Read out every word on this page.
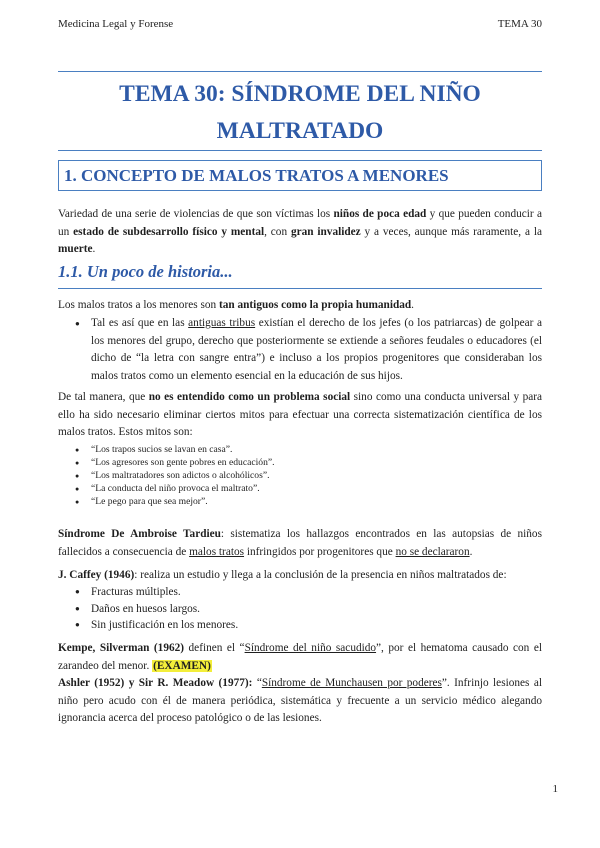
Medicina Legal y Forense	TEMA 30
TEMA 30: SÍNDROME DEL NIÑO
MALTRATADO
1. CONCEPTO DE MALOS TRATOS A MENORES

Variedad de una serie de violencias de que son víctimas los niños de poca edad y que pueden conducir a un estado de subdesarrollo físico y mental, con gran invalidez y a veces, aunque más raramente, a la muerte.

1.1. Un poco de historia...

Los malos tratos a los menores son tan antiguos como la propia humanidad.

● Tal es así que en las antiguas tribus existían el derecho de los jefes (o los patriarcas) de golpear a los menores del grupo, derecho que posteriormente se extiende a señores feudales o educadores (el dicho de “la letra con sangre entra”) e incluso a los propios progenitores que consideraban los malos tratos como un elemento esencial en la educación de sus hijos.

De tal manera, que no es entendido como un problema social sino como una conducta universal y para ello ha sido necesario eliminar ciertos mitos para efectuar una correcta sistematización científica de los malos tratos. Estos mitos son:

● “Los trapos sucios se lavan en casa”.
● “Los agresores son gente pobres en educación”.
● “Los maltratadores son adictos o alcohólicos”.
● “La conducta del niño provoca el maltrato”.
● “Le pego para que sea mejor”.

Síndrome De Ambroise Tardieu: sistematiza los hallazgos encontrados en las autopsias de niños fallecidos a consecuencia de malos tratos infringidos por progenitores que no se declararon.

J. Caffey (1946): realiza un estudio y llega a la conclusión de la presencia en niños maltratados de:

● Fracturas múltiples.
● Daños en huesos largos.
● Sin justificación en los menores.

Kempe, Silverman (1962) definen el “Síndrome del niño sacudido”, por el hematoma causado con el zarandeo del menor. (EXAMEN)

Ashler (1952) y Sir R. Meadow (1977): “Síndrome de Munchausen por poderes”. Infrinjo lesiones al niño pero acudo con él de manera periódica, sistemática y frecuente a un servicio médico alegando ignorancia acerca del proceso patológico o de las lesiones.

1
